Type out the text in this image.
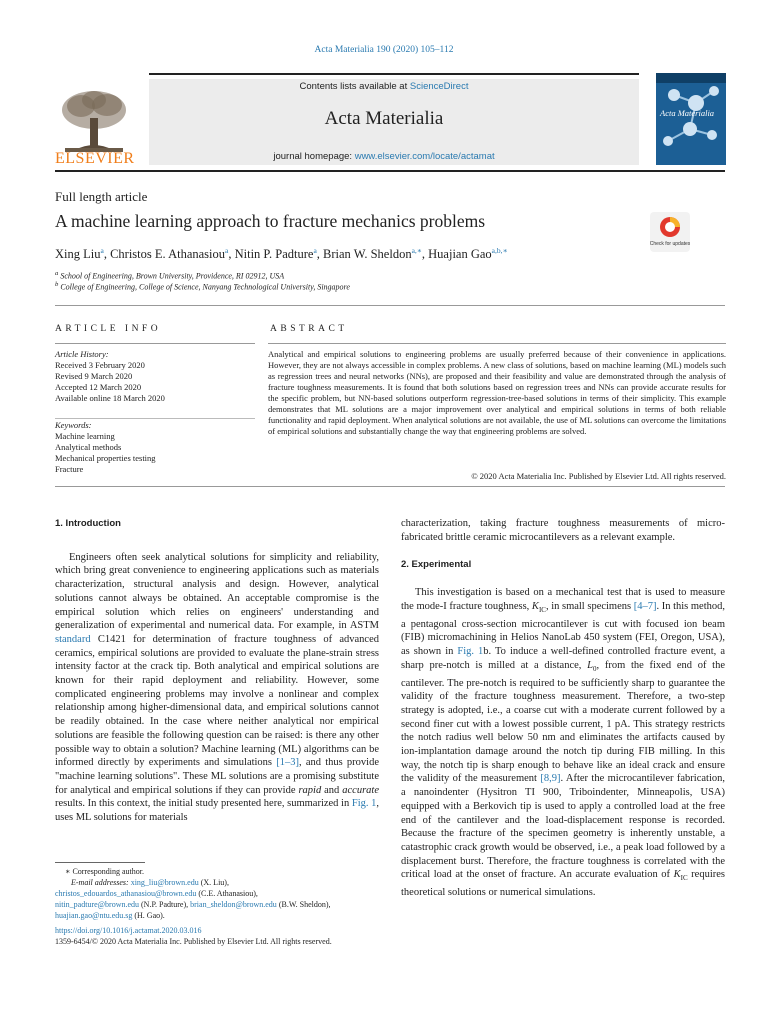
Acta Materialia 190 (2020) 105–112
Contents lists available at ScienceDirect
Acta Materialia
journal homepage: www.elsevier.com/locate/actamat
ELSEVIER
Acta Materialia
Full length article
A machine learning approach to fracture mechanics problems
Check for updates
Xing Liu$^a$, Christos E. Athanasiou$^a$, Nitin P. Padture$^a$, Brian W. Sheldon$^{a,∗}$, Huajian Gao$^{a,b,∗}$
$^a$ School of Engineering, Brown University, Providence, RI 02912, USA
$^b$ College of Engineering, College of Science, Nanyang Technological University, Singapore
ARTICLE INFO	ABSTRACT
Article History:
Received 3 February 2020
Revised 9 March 2020
Accepted 12 March 2020
Available online 18 March 2020
Keywords:
Machine learning
Analytical methods
Mechanical properties testing
Fracture
Analytical and empirical solutions to engineering problems are usually preferred because of their convenience in applications. However, they are not always accessible in complex problems. A new class of solutions, based on machine learning (ML) models such as regression trees and neural networks (NNs), are proposed and their feasibility and value are demonstrated through the analysis of fracture toughness measurements. It is found that both solutions based on regression trees and NNs can provide accurate results for the specific problem, but NN-based solutions outperform regression-tree-based solutions in terms of their simplicity. This example demonstrates that ML solutions are a major improvement over analytical and empirical solutions in terms of both reliable functionality and rapid deployment. When analytical solutions are not available, the use of ML solutions can overcome the limitations of empirical solutions and substantially change the way that engineering problems are solved.
© 2020 Acta Materialia Inc. Published by Elsevier Ltd. All rights reserved.
1. Introduction

Engineers often seek analytical solutions for simplicity and reliability, which bring great convenience to engineering applications such as materials characterization, structural analysis and design. However, analytical solutions cannot always be obtained. An acceptable compromise is the empirical solution which relies on engineers' understanding and generalization of experimental and numerical data. For example, in ASTM standard C1421 for determination of fracture toughness of advanced ceramics, empirical solutions are provided to evaluate the plane-strain stress intensity factor at the crack tip. Both analytical and empirical solutions are known for their rapid deployment and reliability. However, some complicated engineering problems may involve a nonlinear and complex relationship among higher-dimensional data, and empirical solutions cannot be readily obtained. In the case where neither analytical nor empirical solutions are feasible the following question can be raised: is there any other possible way to obtain a solution? Machine learning (ML) algorithms can be informed directly by experiments and simulations [1–3], and thus provide "machine learning solutions". These ML solutions are a promising substitute for analytical and empirical solutions if they can provide rapid and accurate results. In this context, the initial study presented here, summarized in Fig. 1, uses ML solutions for materials

characterization, taking fracture toughness measurements of micro-fabricated brittle ceramic microcantilevers as a relevant example.
2. Experimental

This investigation is based on a mechanical test that is used to measure the mode-I fracture toughness, $K_{IC}$, in small specimens [4–7]. In this method, a pentagonal cross-section microcantilever is cut with focused ion beam (FIB) micromachining in Helios NanoLab 450 system (FEI, Oregon, USA), as shown in Fig. 1b. To induce a well-defined controlled fracture event, a sharp pre-notch is milled at a distance, $L_0$, from the fixed end of the cantilever. The pre-notch is required to be sufficiently sharp to guarantee the validity of the fracture toughness measurement. Therefore, a two-step strategy is adopted, i.e., a coarse cut with a moderate current followed by a second finer cut with a lowest possible current, 1 pA. This strategy restricts the notch radius well below 50 nm and eliminates the artifacts caused by ion-implantation damage around the notch tip during FIB milling. In this way, the notch tip is sharp enough to behave like an ideal crack and ensure the validity of the measurement [8,9]. After the microcantilever fabrication, a nanoindenter (Hysitron TI 900, Triboindenter, Minneapolis, USA) equipped with a Berkovich tip is used to apply a controlled load at the free end of the cantilever and the load-displacement response is recorded. Because the fracture of the specimen geometry is inherently unstable, a catastrophic crack growth would be observed, i.e., a peak load followed by a displacement burst. Therefore, the fracture toughness is correlated with the critical load at the onset of fracture. An accurate evaluation of $K_{IC}$ requires theoretical solutions or numerical simulations.

∗ Corresponding author.
E-mail addresses: xing_liu@brown.edu (X. Liu),
christos_edouardos_athanasiou@brown.edu (C.E. Athanasiou),
nitin_padture@brown.edu (N.P. Padture), brian_sheldon@brown.edu (B.W. Sheldon),
huajian.gao@ntu.edu.sg (H. Gao).
https://doi.org/10.1016/j.actamat.2020.03.016
1359-6454/© 2020 Acta Materialia Inc. Published by Elsevier Ltd. All rights reserved.
